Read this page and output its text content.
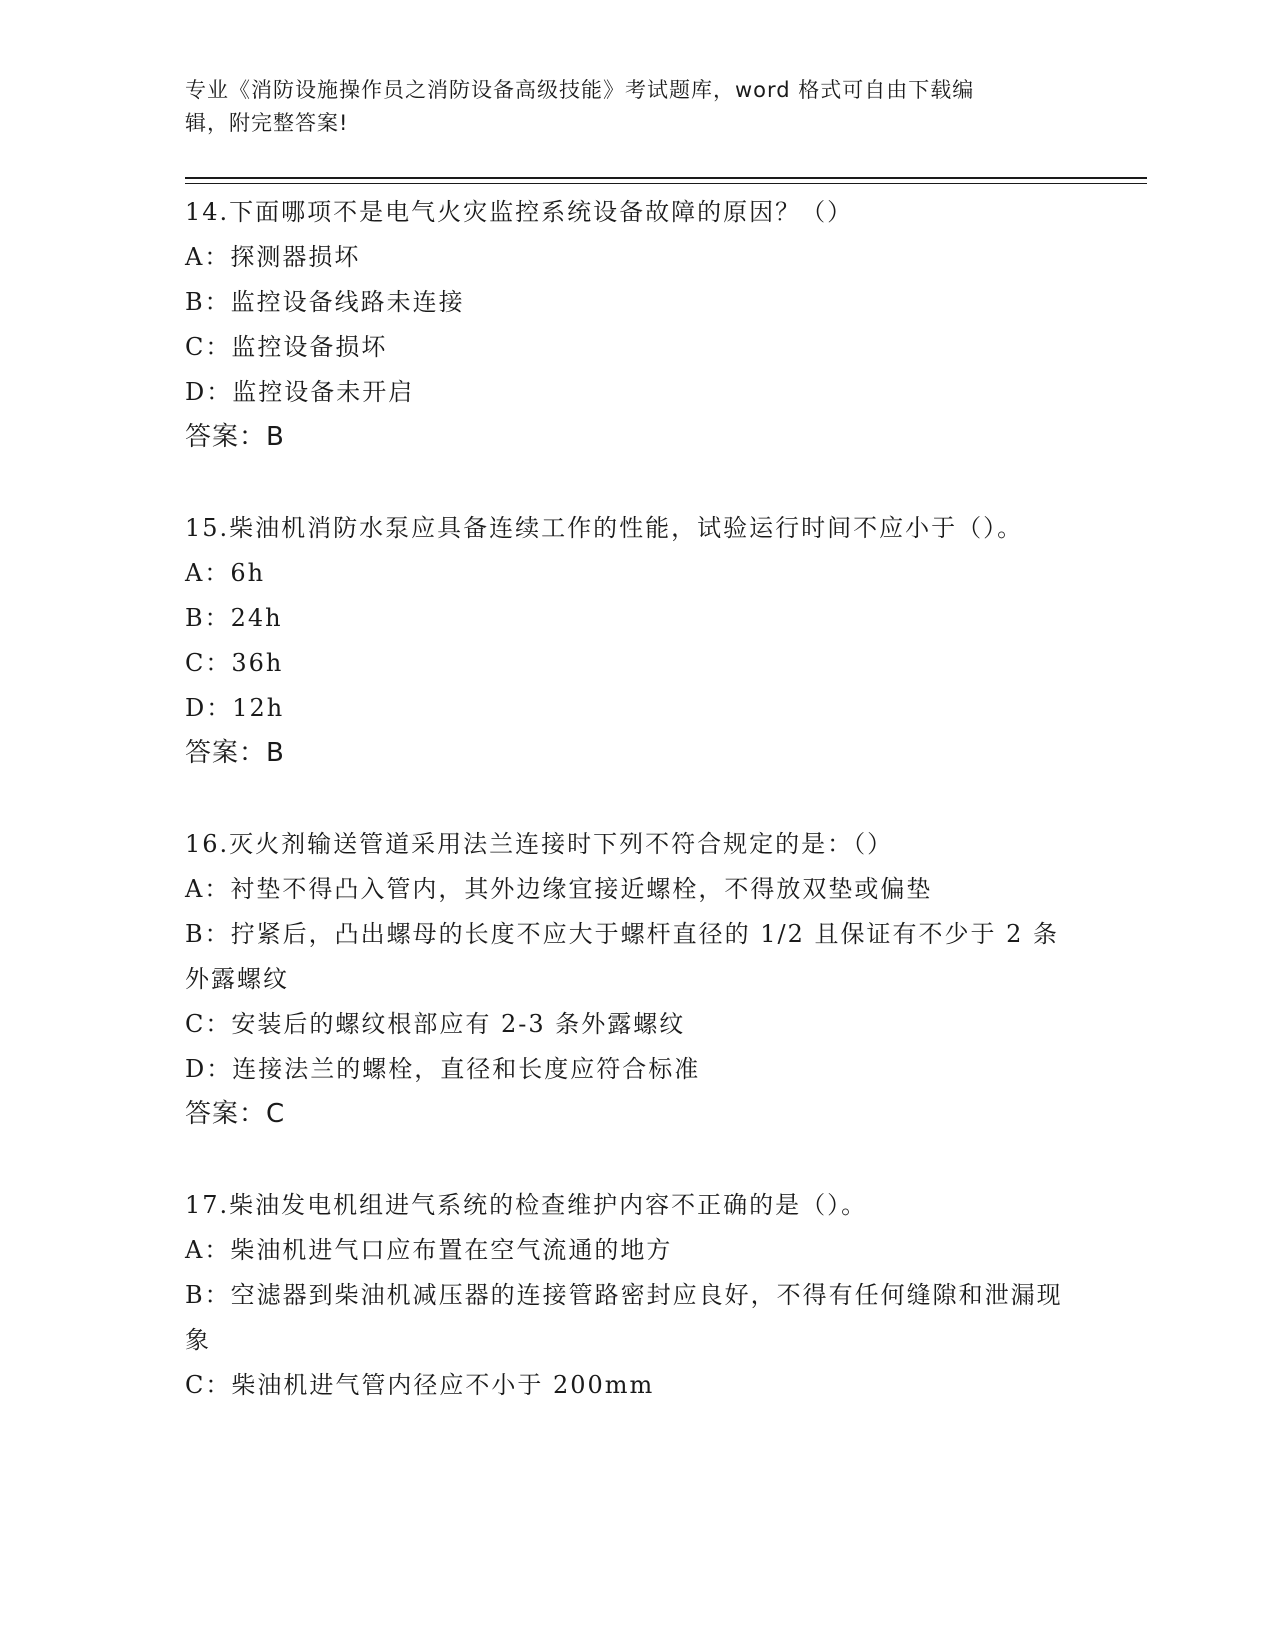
专业《消防设施操作员之消防设备高级技能》考试题库，word 格式可自由下载编
辑，附完整答案!
14.下面哪项不是电气火灾监控系统设备故障的原因？（）
A：探测器损坏
B：监控设备线路未连接
C：监控设备损坏
D：监控设备未开启
答案：B
15.柴油机消防水泵应具备连续工作的性能，试验运行时间不应小于（）。
A：6h
B：24h
C：36h
D：12h
答案：B
16.灭火剂输送管道采用法兰连接时下列不符合规定的是：（）
A：衬垫不得凸入管内，其外边缘宜接近螺栓，不得放双垫或偏垫
B：拧紧后，凸出螺母的长度不应大于螺杆直径的 1/2 且保证有不少于 2 条外露螺纹
C：安装后的螺纹根部应有 2-3 条外露螺纹
D：连接法兰的螺栓，直径和长度应符合标准
答案：C
17.柴油发电机组进气系统的检查维护内容不正确的是（）。
A：柴油机进气口应布置在空气流通的地方
B：空滤器到柴油机减压器的连接管路密封应良好，不得有任何缝隙和泄漏现象
C：柴油机进气管内径应不小于 200mm
